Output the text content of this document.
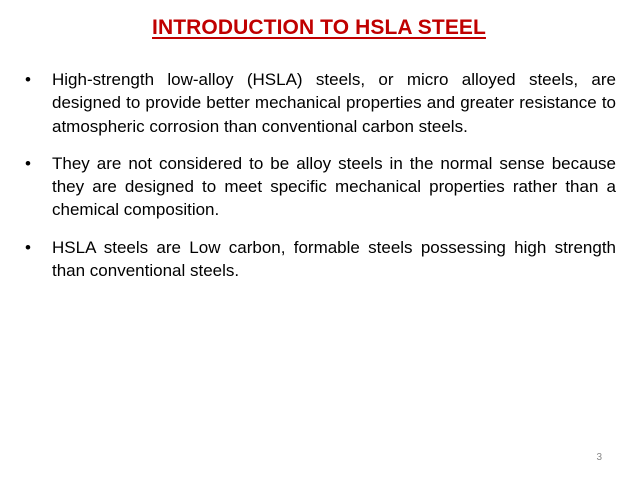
INTRODUCTION TO HSLA STEEL
• High-strength low-alloy (HSLA) steels, or micro alloyed steels, are designed to provide better mechanical properties and greater resistance to atmospheric corrosion than conventional carbon steels.
• They are not considered to be alloy steels in the normal sense because they are designed to meet specific mechanical properties rather than a chemical composition.
• HSLA steels are Low carbon, formable steels possessing high strength than conventional steels.
3
